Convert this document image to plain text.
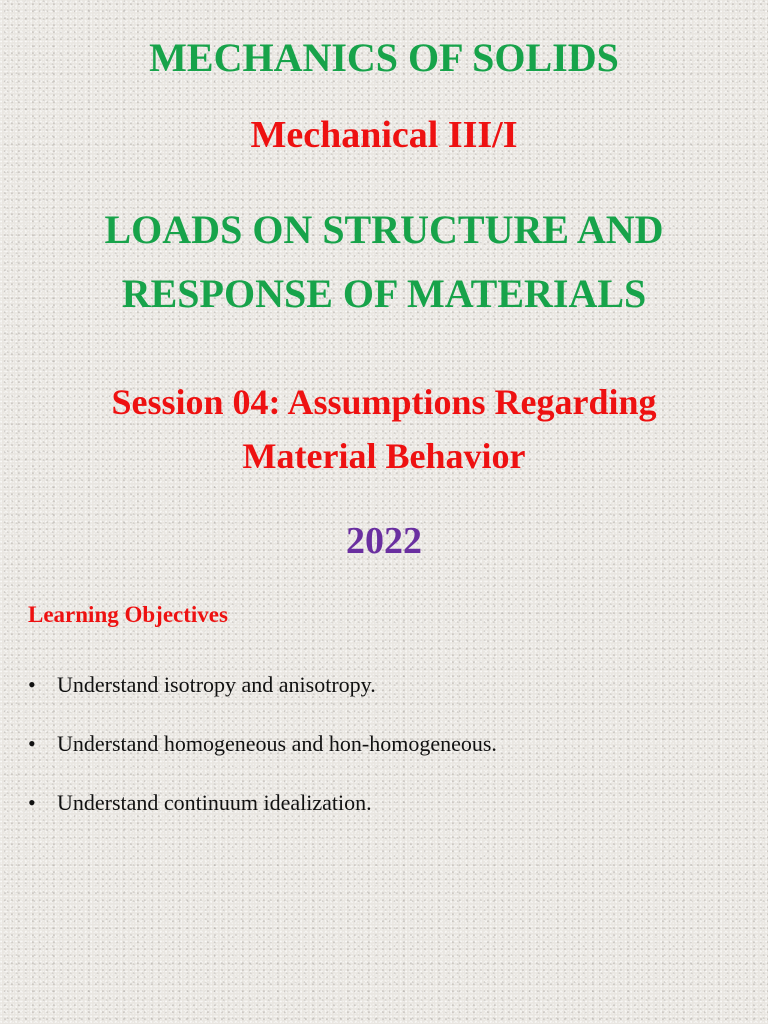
MECHANICS OF SOLIDS
Mechanical III/I
LOADS ON STRUCTURE AND
RESPONSE OF MATERIALS
Session 04: Assumptions Regarding
Material Behavior
2022
Learning Objectives
• Understand isotropy and anisotropy.
• Understand homogeneous and hon-homogeneous.
• Understand continuum idealization.
